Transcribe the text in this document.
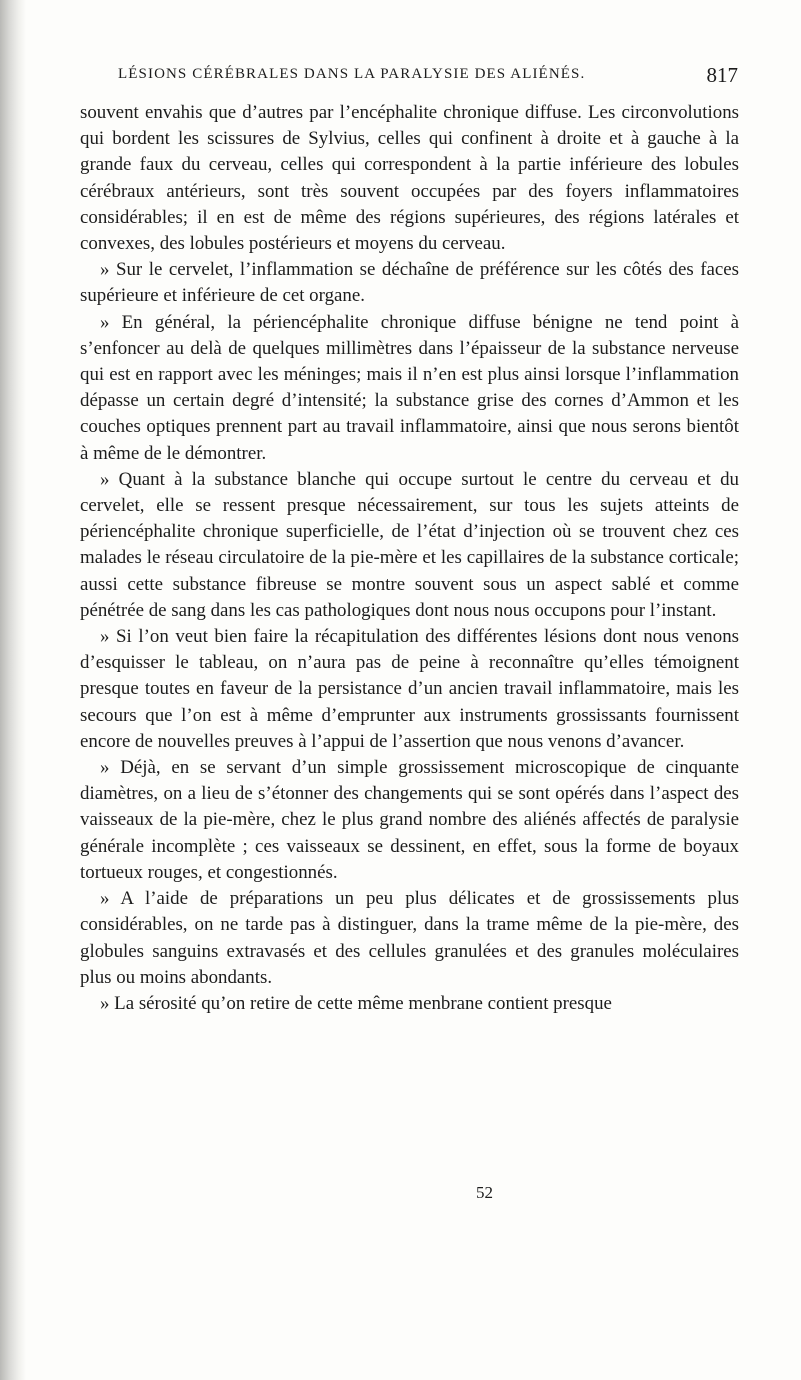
LÉSIONS CÉRÉBRALES DANS LA PARALYSIE DES ALIÉNÉS.	817

souvent envahis que d’autres par l’encéphalite chronique diffuse. Les circonvolutions qui bordent les scissures de Sylvius, celles qui confinent à droite et à gauche à la grande faux du cerveau, celles qui correspondent à la partie inférieure des lobules cérébraux antérieurs, sont très souvent occupées par des foyers inflammatoires considérables; il en est de même des régions supérieures, des régions latérales et convexes, des lobules postérieurs et moyens du cerveau.

» Sur le cervelet, l’inflammation se déchaîne de préférence sur les côtés des faces supérieure et inférieure de cet organe.

» En général, la périencéphalite chronique diffuse bénigne ne tend point à s’enfoncer au delà de quelques millimètres dans l’épaisseur de la substance nerveuse qui est en rapport avec les méninges; mais il n’en est plus ainsi lorsque l’inflammation dépasse un certain degré d’intensité; la substance grise des cornes d’Ammon et les couches optiques prennent part au travail inflammatoire, ainsi que nous serons bientôt à même de le démontrer.

» Quant à la substance blanche qui occupe surtout le centre du cerveau et du cervelet, elle se ressent presque nécessairement, sur tous les sujets atteints de périencéphalite chronique superficielle, de l’état d’injection où se trouvent chez ces malades le réseau circulatoire de la pie-mère et les capillaires de la substance corticale; aussi cette substance fibreuse se montre souvent sous un aspect sablé et comme pénétrée de sang dans les cas pathologiques dont nous nous occupons pour l’instant.

» Si l’on veut bien faire la récapitulation des différentes lésions dont nous venons d’esquisser le tableau, on n’aura pas de peine à reconnaître qu’elles témoignent presque toutes en faveur de la persistance d’un ancien travail inflammatoire, mais les secours que l’on est à même d’emprunter aux instruments grossissants fournissent encore de nouvelles preuves à l’appui de l’assertion que nous venons d’avancer.

» Déjà, en se servant d’un simple grossissement microscopique de cinquante diamètres, on a lieu de s’étonner des changements qui se sont opérés dans l’aspect des vaisseaux de la pie-mère, chez le plus grand nombre des aliénés affectés de paralysie générale incomplète ; ces vaisseaux se dessinent, en effet, sous la forme de boyaux tortueux rouges, et congestionnés.

» A l’aide de préparations un peu plus délicates et de grossissements plus considérables, on ne tarde pas à distinguer, dans la trame même de la pie-mère, des globules sanguins extravasés et des cellules granulées et des granules moléculaires plus ou moins abondants.

» La sérosité qu’on retire de cette même menbrane contient presque

52
